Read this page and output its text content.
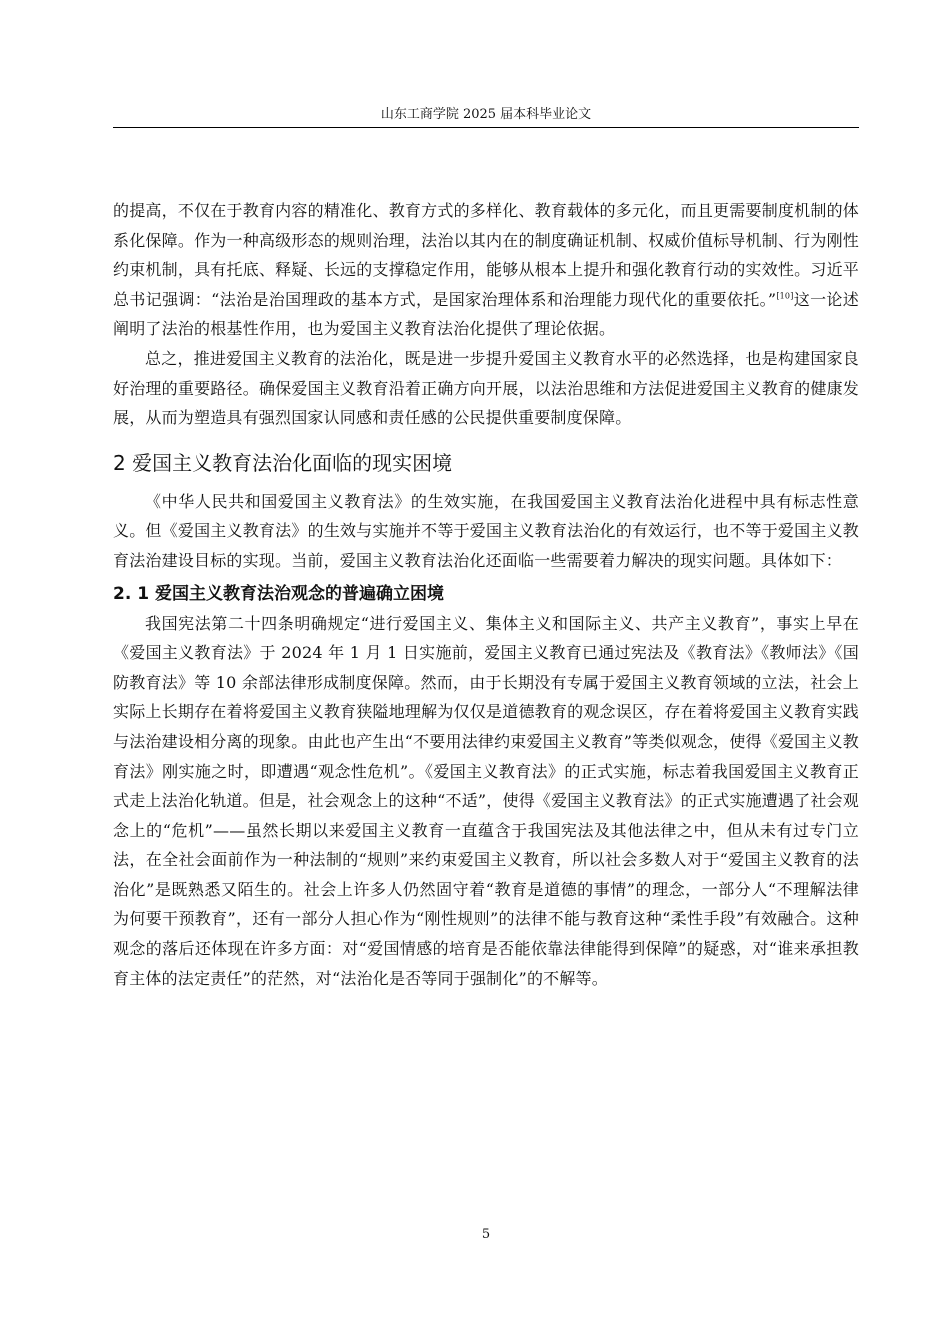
山东工商学院 2025 届本科毕业论文

的提高，不仅在于教育内容的精准化、教育方式的多样化、教育载体的多元化，而且更需要制度机制的体系化保障。作为一种高级形态的规则治理，法治以其内在的制度确证机制、权威价值标导机制、行为刚性约束机制，具有托底、释疑、长远的支撑稳定作用，能够从根本上提升和强化教育行动的实效性。习近平总书记强调：“法治是治国理政的基本方式，是国家治理体系和治理能力现代化的重要依托。”[10]这一论述阐明了法治的根基性作用，也为爱国主义教育法治化提供了理论依据。

总之，推进爱国主义教育的法治化，既是进一步提升爱国主义教育水平的必然选择，也是构建国家良好治理的重要路径。确保爱国主义教育沿着正确方向开展，以法治思维和方法促进爱国主义教育的健康发展，从而为塑造具有强烈国家认同感和责任感的公民提供重要制度保障。

2 爱国主义教育法治化面临的现实困境

《中华人民共和国爱国主义教育法》的生效实施，在我国爱国主义教育法治化进程中具有标志性意义。但《爱国主义教育法》的生效与实施并不等于爱国主义教育法治化的有效运行，也不等于爱国主义教育法治建设目标的实现。当前，爱国主义教育法治化还面临一些需要着力解决的现实问题。具体如下：

2. 1 爱国主义教育法治观念的普遍确立困境

我国宪法第二十四条明确规定“进行爱国主义、集体主义和国际主义、共产主义教育”，事实上早在《爱国主义教育法》于 2024 年 1 月 1 日实施前，爱国主义教育已通过宪法及《教育法》《教师法》《国防教育法》等 10 余部法律形成制度保障。然而，由于长期没有专属于爱国主义教育领域的立法，社会上实际上长期存在着将爱国主义教育狭隘地理解为仅仅是道德教育的观念误区，存在着将爱国主义教育实践与法治建设相分离的现象。由此也产生出“不要用法律约束爱国主义教育”等类似观念，使得《爱国主义教育法》刚实施之时，即遭遇“观念性危机”。《爱国主义教育法》的正式实施，标志着我国爱国主义教育正式走上法治化轨道。但是，社会观念上的这种“不适”，使得《爱国主义教育法》的正式实施遭遇了社会观念上的“危机”——虽然长期以来爱国主义教育一直蕴含于我国宪法及其他法律之中，但从未有过专门立法，在全社会面前作为一种法制的“规则”来约束爱国主义教育，所以社会多数人对于“爱国主义教育的法治化”是既熟悉又陌生的。社会上许多人仍然固守着“教育是道德的事情”的理念，一部分人“不理解法律为何要干预教育”，还有一部分人担心作为“刚性规则”的法律不能与教育这种“柔性手段”有效融合。这种观念的落后还体现在许多方面：对“爱国情感的培育是否能依靠法律能得到保障”的疑惑，对“谁来承担教育主体的法定责任”的茫然，对“法治化是否等同于强制化”的不解等。

5
